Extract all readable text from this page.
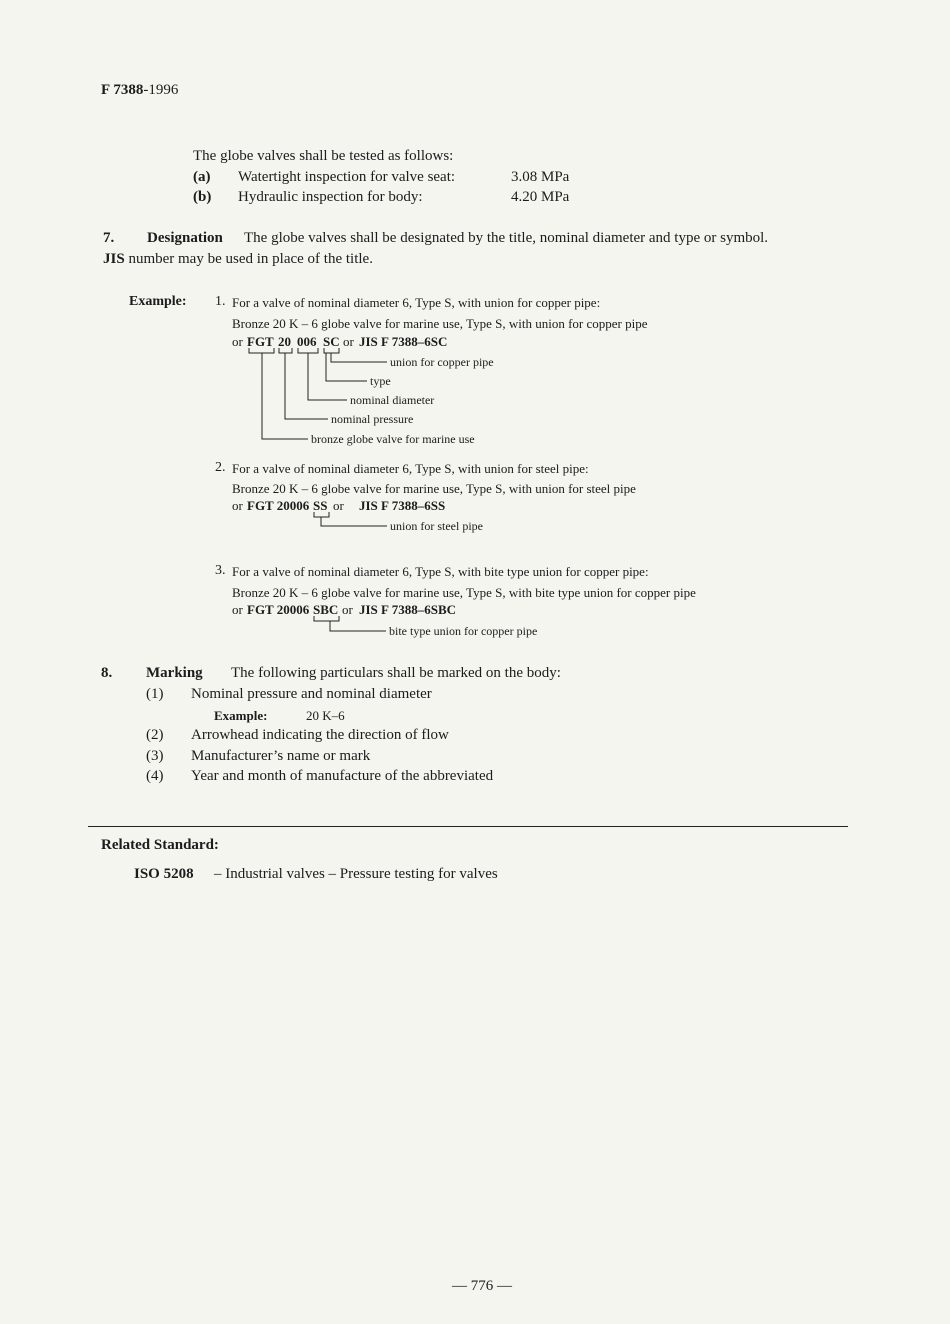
F 7388-1996
The globe valves shall be tested as follows:
(a) Watertight inspection for valve seat:	3.08 MPa
(b) Hydraulic inspection for body:	4.20 MPa
7. Designation The globe valves shall be designated by the title, nominal diameter and type or symbol.
JIS number may be used in place of the title.
Example: 1. For a valve of nominal diameter 6, Type S, with union for copper pipe:
Bronze 20 K – 6 globe valve for marine use, Type S, with union for copper pipe
or FGT 20 006 SC or JIS F 7388–6SC
union for copper pipe
type
nominal diameter
nominal pressure
bronze globe valve for marine use
2. For a valve of nominal diameter 6, Type S, with union for steel pipe:
Bronze 20 K – 6 globe valve for marine use, Type S, with union for steel pipe
or FGT 20006 SS or JIS F 7388–6SS
union for steel pipe
3. For a valve of nominal diameter 6, Type S, with bite type union for copper pipe:
Bronze 20 K – 6 globe valve for marine use, Type S, with bite type union for copper pipe
or FGT 20006 SBC or JIS F 7388–6SBC
bite type union for copper pipe
8. Marking The following particulars shall be marked on the body:
(1) Nominal pressure and nominal diameter
Example:	20 K–6
(2) Arrowhead indicating the direction of flow
(3) Manufacturer’s name or mark
(4) Year and month of manufacture of the abbreviated
Related Standard:
ISO 5208 – Industrial valves – Pressure testing for valves
— 776 —
